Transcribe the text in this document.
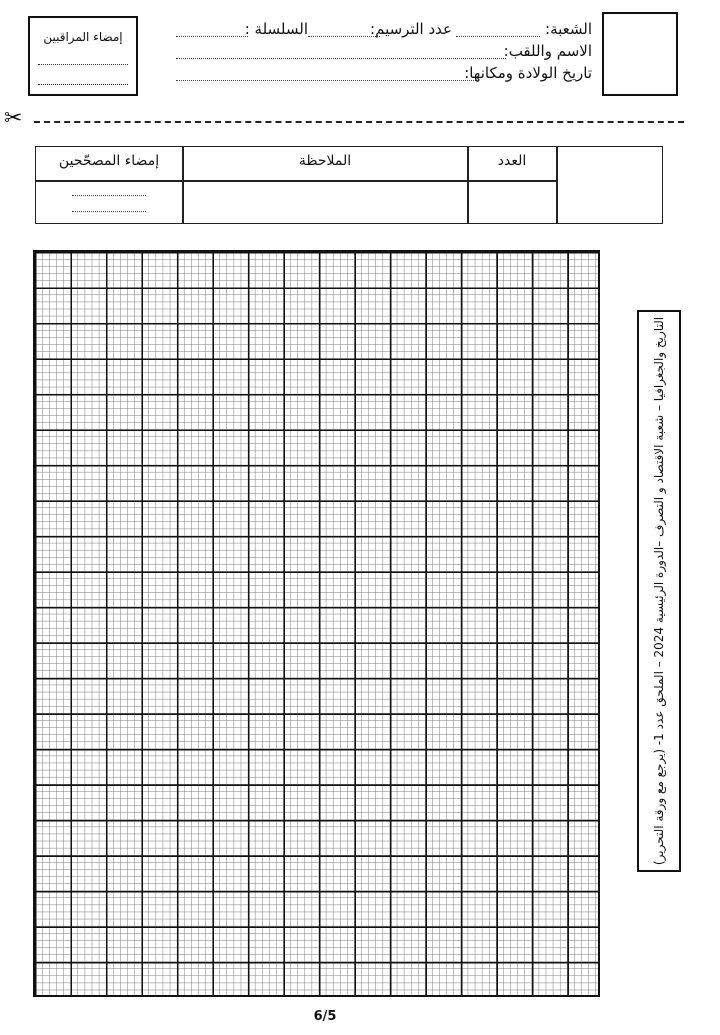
إمضاء المراقبين	الشعبة:
عدد الترسيم:
السلسلة :
الاسم واللقب:
تاريخ الولادة ومكانها:
✂
العدد
الملاحظة
إمضاء المصحّحين
التاريخ والجغرافيا – شعبة الاقتصاد و التصرف –الدورة الرئيسية 2024 – الملحق عدد 1- (يرجع مع ورقة التحرير)
6/5
